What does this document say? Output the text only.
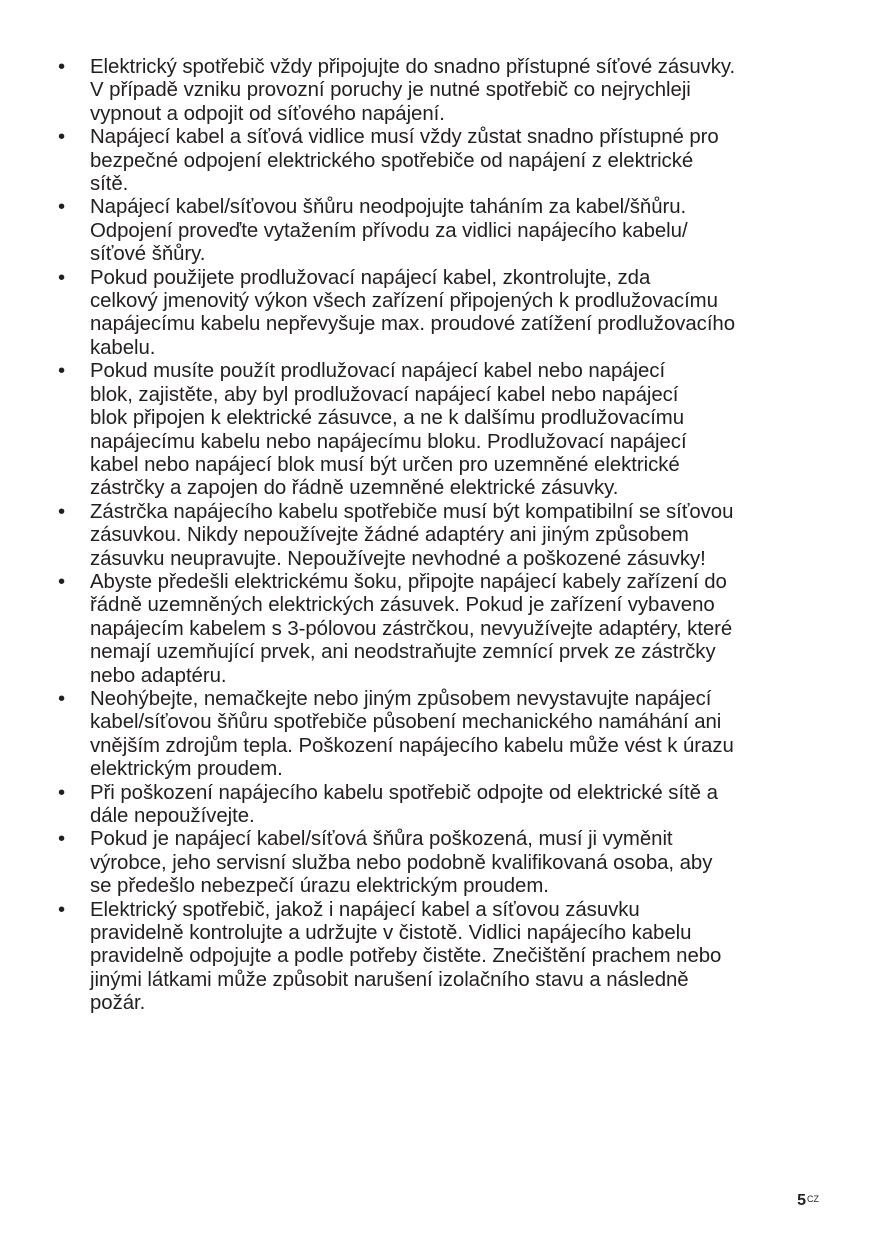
•	Elektrický spotřebič vždy připojujte do snadno přístupné síťové zásuvky.
V případě vzniku provozní poruchy je nutné spotřebič co nejrychleji
vypnout a odpojit od síťového napájení.
•	Napájecí kabel a síťová vidlice musí vždy zůstat snadno přístupné pro
bezpečné odpojení elektrického spotřebiče od napájení z elektrické
sítě.
•	Napájecí kabel/síťovou šňůru neodpojujte taháním za kabel/šňůru.
Odpojení proveďte vytažením přívodu za vidlici napájecího kabelu/
síťové šňůry.
•	Pokud použijete prodlužovací napájecí kabel, zkontrolujte, zda
celkový jmenovitý výkon všech zařízení připojených k prodlužovacímu
napájecímu kabelu nepřevyšuje max. proudové zatížení prodlužovacího
kabelu.
•	Pokud musíte použít prodlužovací napájecí kabel nebo napájecí
blok, zajistěte, aby byl prodlužovací napájecí kabel nebo napájecí
blok připojen k elektrické zásuvce, a ne k dalšímu prodlužovacímu
napájecímu kabelu nebo napájecímu bloku. Prodlužovací napájecí
kabel nebo napájecí blok musí být určen pro uzemněné elektrické
zástrčky a zapojen do řádně uzemněné elektrické zásuvky.
•	Zástrčka napájecího kabelu spotřebiče musí být kompatibilní se síťovou
zásuvkou. Nikdy nepoužívejte žádné adaptéry ani jiným způsobem
zásuvku neupravujte. Nepoužívejte nevhodné a poškozené zásuvky!
•	Abyste předešli elektrickému šoku, připojte napájecí kabely zařízení do
řádně uzemněných elektrických zásuvek. Pokud je zařízení vybaveno
napájecím kabelem s 3-pólovou zástrčkou, nevyužívejte adaptéry, které
nemají uzemňující prvek, ani neodstraňujte zemnící prvek ze zástrčky
nebo adaptéru.
•	Neohýbejte, nemačkejte nebo jiným způsobem nevystavujte napájecí
kabel/síťovou šňůru spotřebiče působení mechanického namáhání ani
vnějším zdrojům tepla. Poškození napájecího kabelu může vést k úrazu
elektrickým proudem.
•	Při poškození napájecího kabelu spotřebič odpojte od elektrické sítě a
dále nepoužívejte.
•	Pokud je napájecí kabel/síťová šňůra poškozená, musí ji vyměnit
výrobce, jeho servisní služba nebo podobně kvalifikovaná osoba, aby
se předešlo nebezpečí úrazu elektrickým proudem.
•	Elektrický spotřebič, jakož i napájecí kabel a síťovou zásuvku
pravidelně kontrolujte a udržujte v čistotě. Vidlici napájecího kabelu
pravidelně odpojujte a podle potřeby čistěte. Znečištění prachem nebo
jinými látkami může způsobit narušení izolačního stavu a následně
požár.
$5^{CZ}$
